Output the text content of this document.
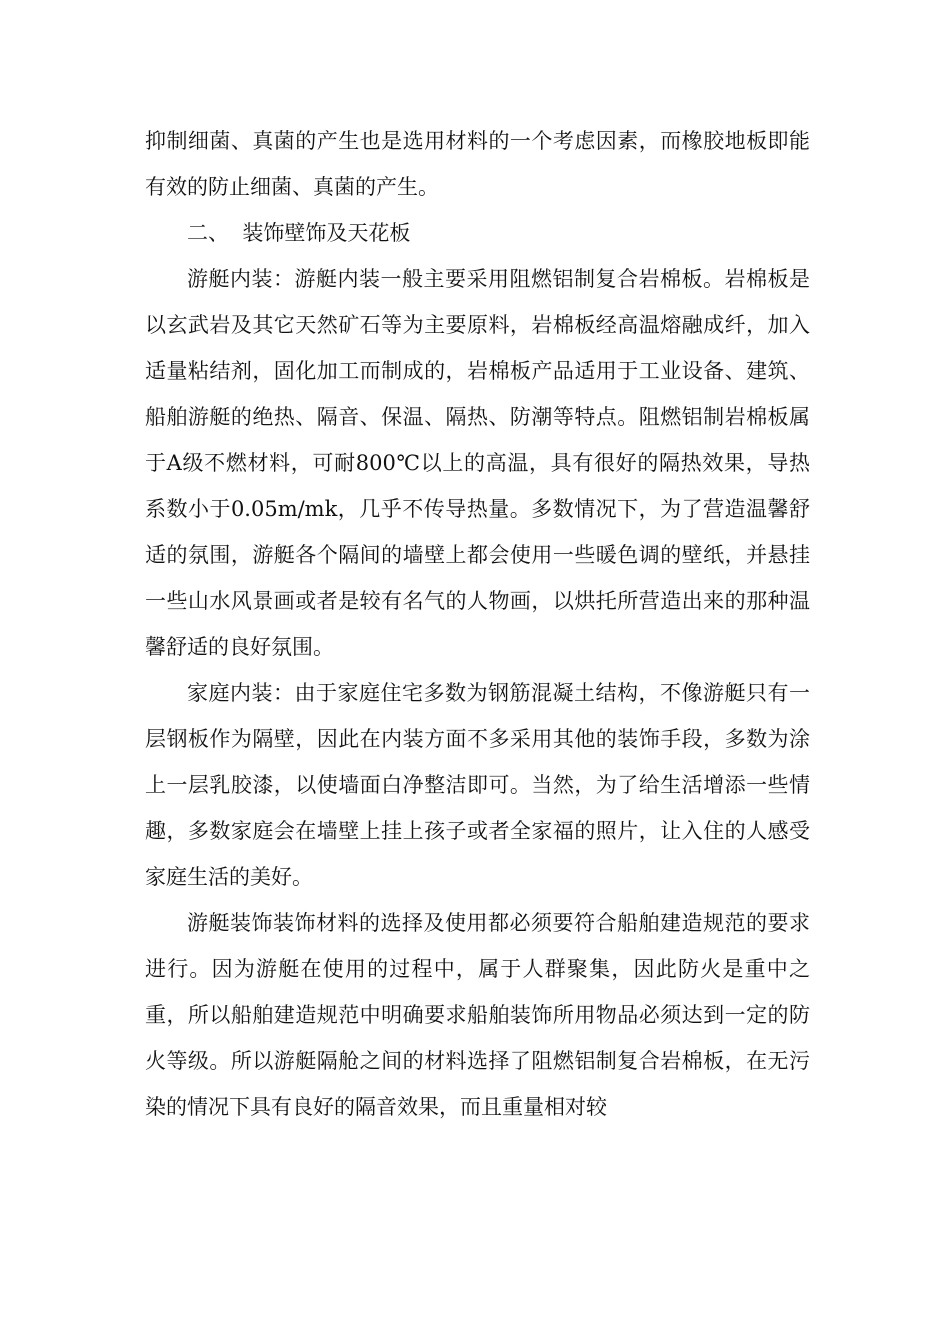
抑制细菌、真菌的产生也是选用材料的一个考虑因素，而橡胶地板即能有效的防止细菌、真菌的产生。

二、  装饰壁饰及天花板

游艇内装：游艇内装一般主要采用阻燃铝制复合岩棉板。岩棉板是以玄武岩及其它天然矿石等为主要原料，岩棉板经高温熔融成纤，加入适量粘结剂，固化加工而制成的，岩棉板产品适用于工业设备、建筑、船舶游艇的绝热、隔音、保温、隔热、防潮等特点。阻燃铝制岩棉板属于A级不燃材料，可耐800℃以上的高温，具有很好的隔热效果，导热系数小于0.05m/mk，几乎不传导热量。多数情况下，为了营造温馨舒适的氛围，游艇各个隔间的墙壁上都会使用一些暖色调的壁纸，并悬挂一些山水风景画或者是较有名气的人物画，以烘托所营造出来的那种温馨舒适的良好氛围。

家庭内装：由于家庭住宅多数为钢筋混凝土结构，不像游艇只有一层钢板作为隔壁，因此在内装方面不多采用其他的装饰手段，多数为涂上一层乳胶漆，以使墙面白净整洁即可。当然，为了给生活增添一些情趣，多数家庭会在墙壁上挂上孩子或者全家福的照片，让入住的人感受家庭生活的美好。

游艇装饰装饰材料的选择及使用都必须要符合船舶建造规范的要求进行。因为游艇在使用的过程中，属于人群聚集，因此防火是重中之重，所以船舶建造规范中明确要求船舶装饰所用物品必须达到一定的防火等级。所以游艇隔舱之间的材料选择了阻燃铝制复合岩棉板，在无污染的情况下具有良好的隔音效果，而且重量相对较
